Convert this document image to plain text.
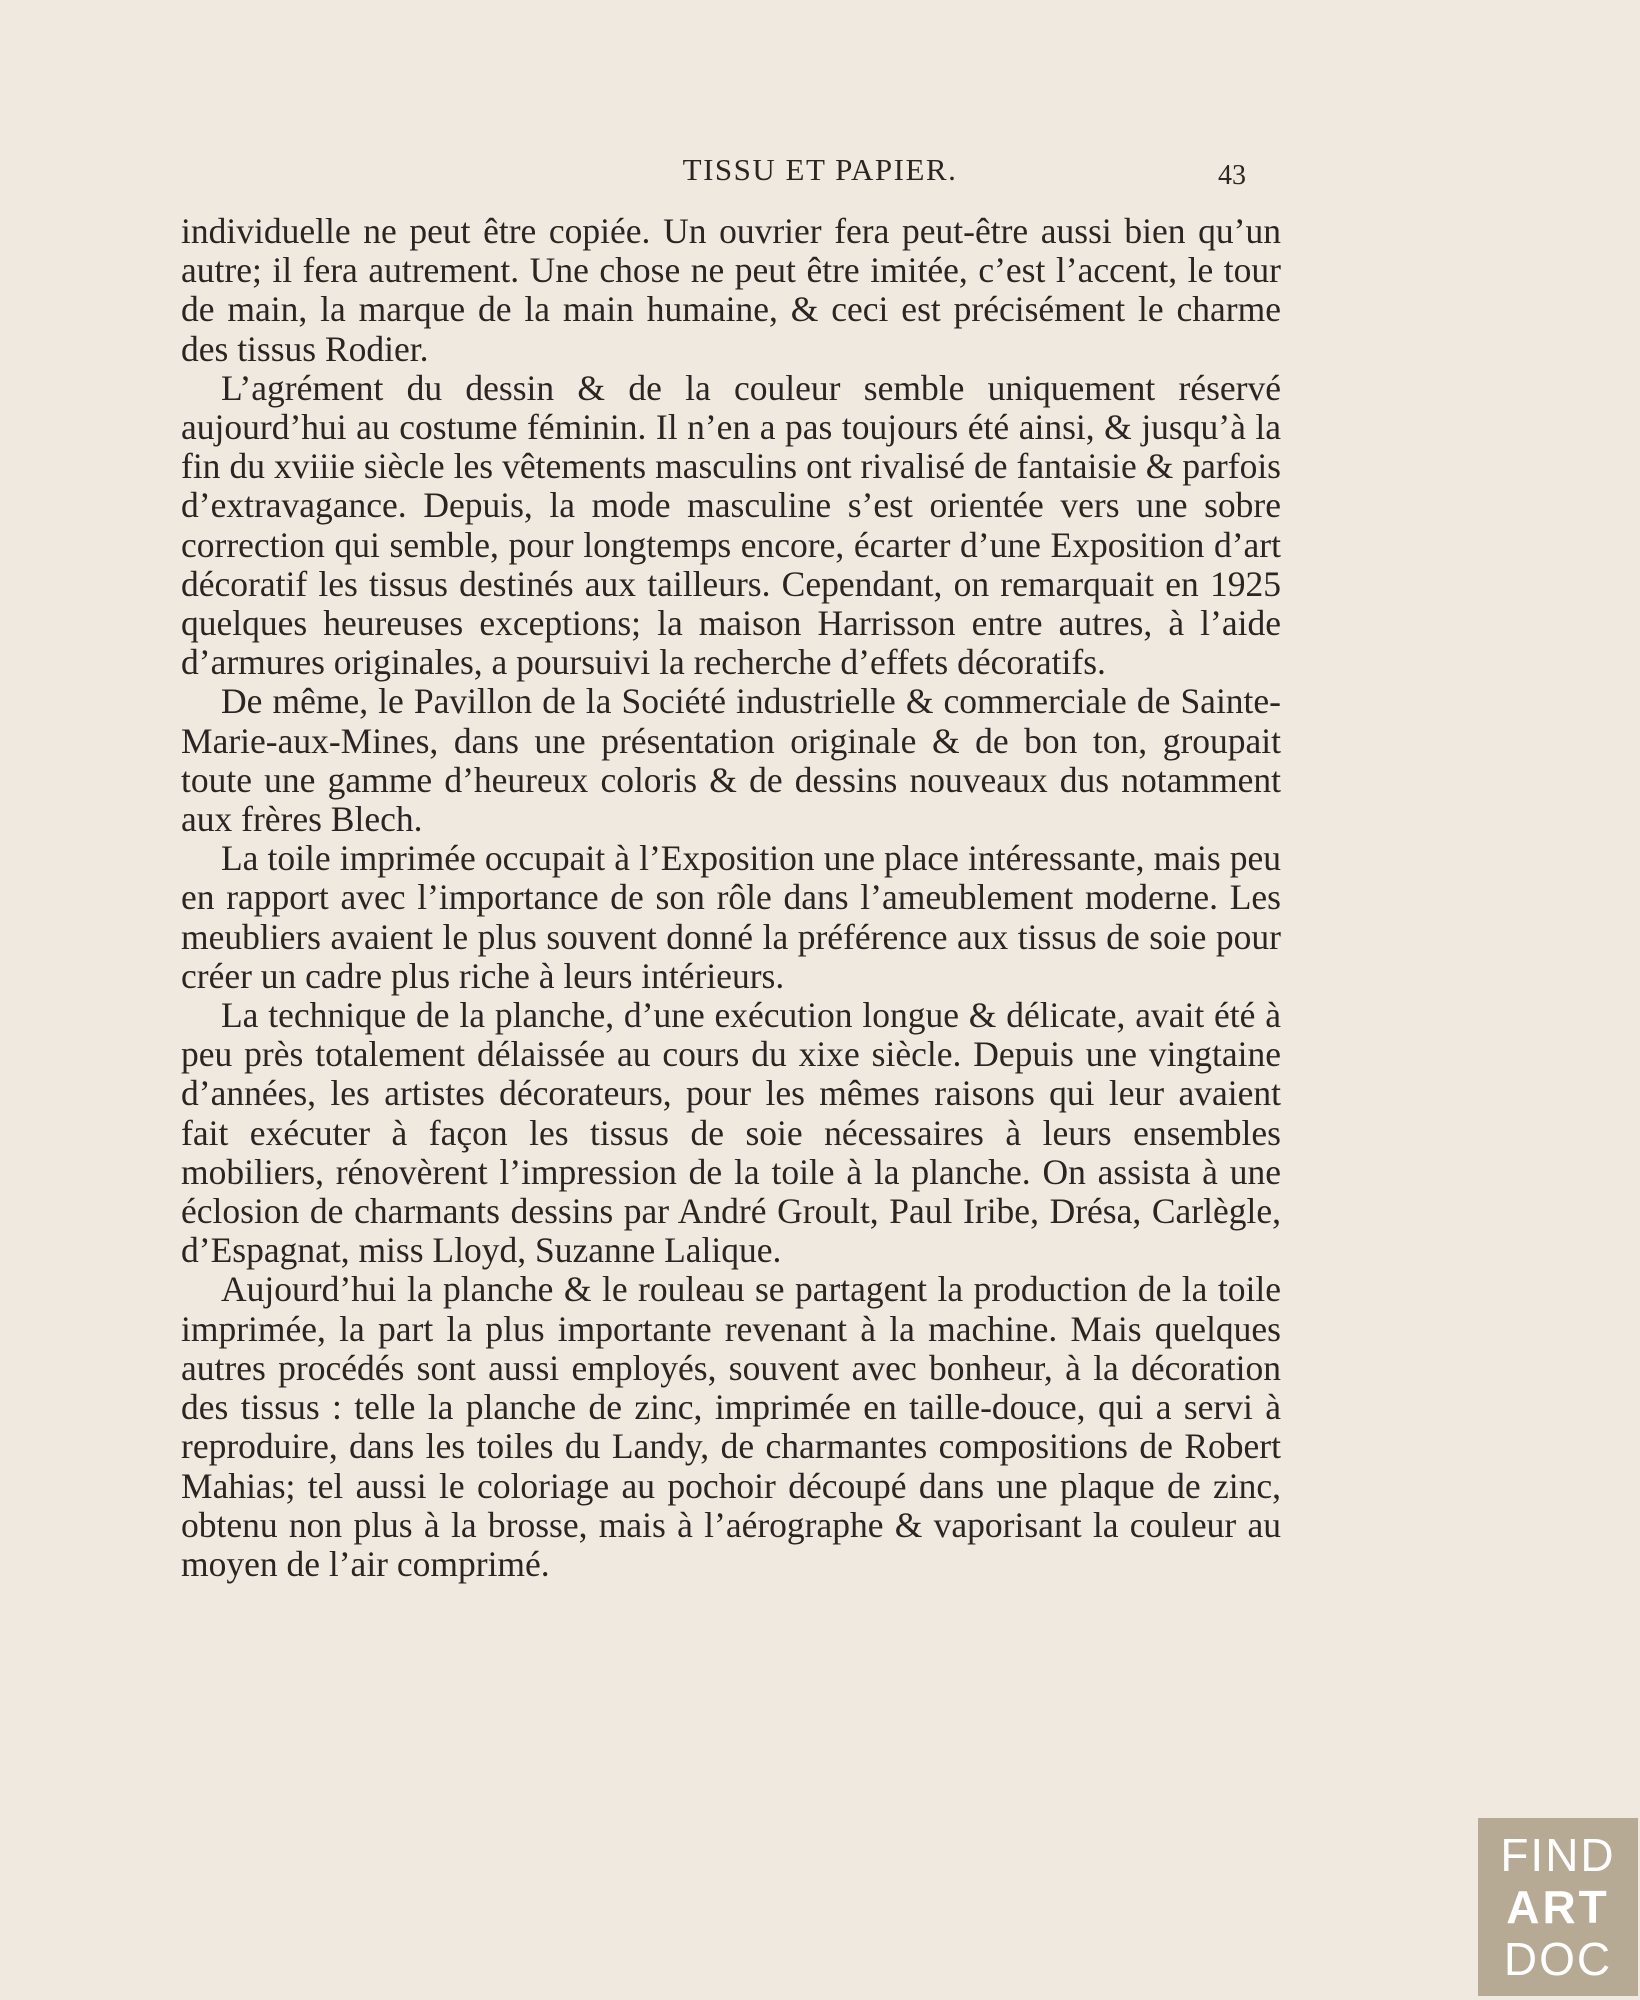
TISSU ET PAPIER.	43

individuelle ne peut être copiée. Un ouvrier fera peut-être aussi bien qu’un autre; il fera autrement. Une chose ne peut être imitée, c’est l’accent, le tour de main, la marque de la main humaine, & ceci est précisément le charme des tissus Rodier.

L’agrément du dessin & de la couleur semble uniquement réservé aujourd’hui au costume féminin. Il n’en a pas toujours été ainsi, & jusqu’à la fin du xviiie siècle les vêtements masculins ont rivalisé de fantaisie & parfois d’extravagance. Depuis, la mode masculine s’est orientée vers une sobre correction qui semble, pour longtemps encore, écarter d’une Exposition d’art décoratif les tissus destinés aux tailleurs. Cependant, on remarquait en 1925 quelques heureuses exceptions; la maison Harrisson entre autres, à l’aide d’armures originales, a poursuivi la recherche d’effets décoratifs.

De même, le Pavillon de la Société industrielle & commerciale de Sainte-Marie-aux-Mines, dans une présentation originale & de bon ton, groupait toute une gamme d’heureux coloris & de dessins nouveaux dus notamment aux frères Blech.

La toile imprimée occupait à l’Exposition une place intéressante, mais peu en rapport avec l’importance de son rôle dans l’ameublement moderne. Les meubliers avaient le plus souvent donné la préférence aux tissus de soie pour créer un cadre plus riche à leurs intérieurs.

La technique de la planche, d’une exécution longue & délicate, avait été à peu près totalement délaissée au cours du xixe siècle. Depuis une vingtaine d’années, les artistes décorateurs, pour les mêmes raisons qui leur avaient fait exécuter à façon les tissus de soie nécessaires à leurs ensembles mobiliers, rénovèrent l’impression de la toile à la planche. On assista à une éclosion de charmants dessins par André Groult, Paul Iribe, Drésa, Carlègle, d’Espagnat, miss Lloyd, Suzanne Lalique.

Aujourd’hui la planche & le rouleau se partagent la production de la toile imprimée, la part la plus importante revenant à la machine. Mais quelques autres procédés sont aussi employés, souvent avec bonheur, à la décoration des tissus : telle la planche de zinc, imprimée en taille-douce, qui a servi à reproduire, dans les toiles du Landy, de charmantes compositions de Robert Mahias; tel aussi le coloriage au pochoir découpé dans une plaque de zinc, obtenu non plus à la brosse, mais à l’aérographe & vaporisant la couleur au moyen de l’air comprimé.

FIND
ART
DOC
